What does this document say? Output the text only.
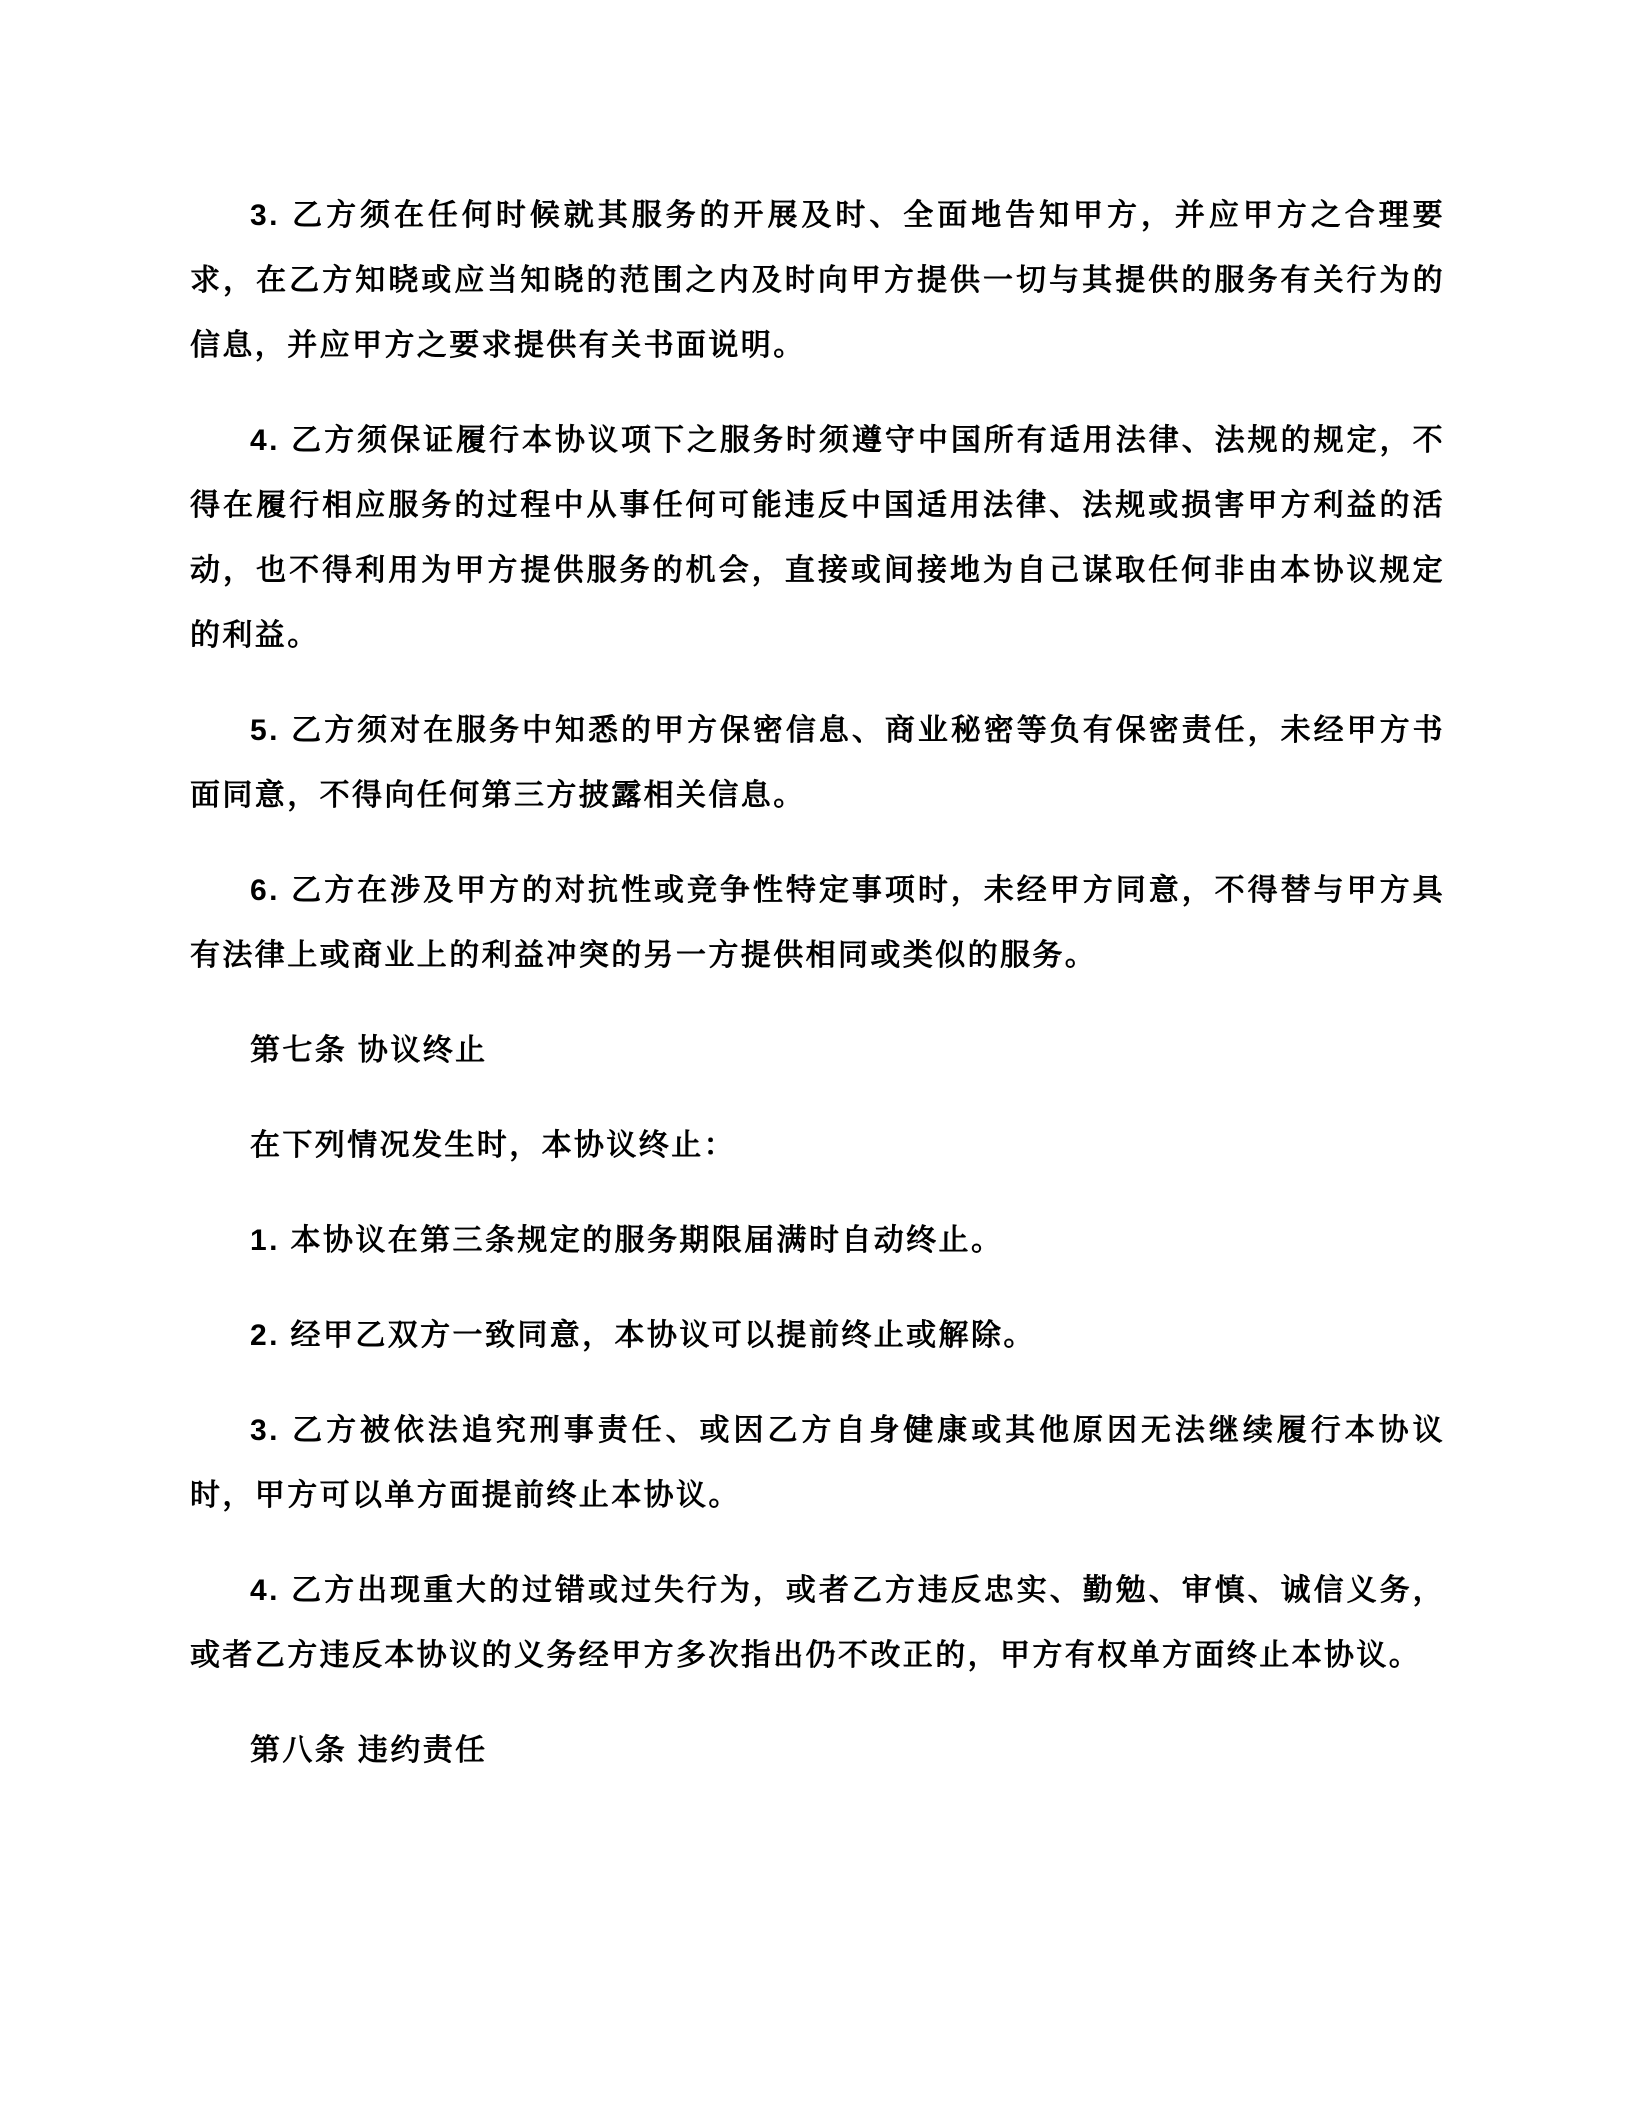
3. 乙方须在任何时候就其服务的开展及时、全面地告知甲方，并应甲方之合理要求，在乙方知晓或应当知晓的范围之内及时向甲方提供一切与其提供的服务有关行为的信息，并应甲方之要求提供有关书面说明。

4. 乙方须保证履行本协议项下之服务时须遵守中国所有适用法律、法规的规定，不得在履行相应服务的过程中从事任何可能违反中国适用法律、法规或损害甲方利益的活动，也不得利用为甲方提供服务的机会，直接或间接地为自己谋取任何非由本协议规定的利益。

5. 乙方须对在服务中知悉的甲方保密信息、商业秘密等负有保密责任，未经甲方书面同意，不得向任何第三方披露相关信息。

6. 乙方在涉及甲方的对抗性或竞争性特定事项时，未经甲方同意，不得替与甲方具有法律上或商业上的利益冲突的另一方提供相同或类似的服务。

第七条 协议终止

在下列情况发生时，本协议终止：

1. 本协议在第三条规定的服务期限届满时自动终止。

2. 经甲乙双方一致同意，本协议可以提前终止或解除。

3. 乙方被依法追究刑事责任、或因乙方自身健康或其他原因无法继续履行本协议时，甲方可以单方面提前终止本协议。

4. 乙方出现重大的过错或过失行为，或者乙方违反忠实、勤勉、审慎、诚信义务，或者乙方违反本协议的义务经甲方多次指出仍不改正的，甲方有权单方面终止本协议。

第八条 违约责任
